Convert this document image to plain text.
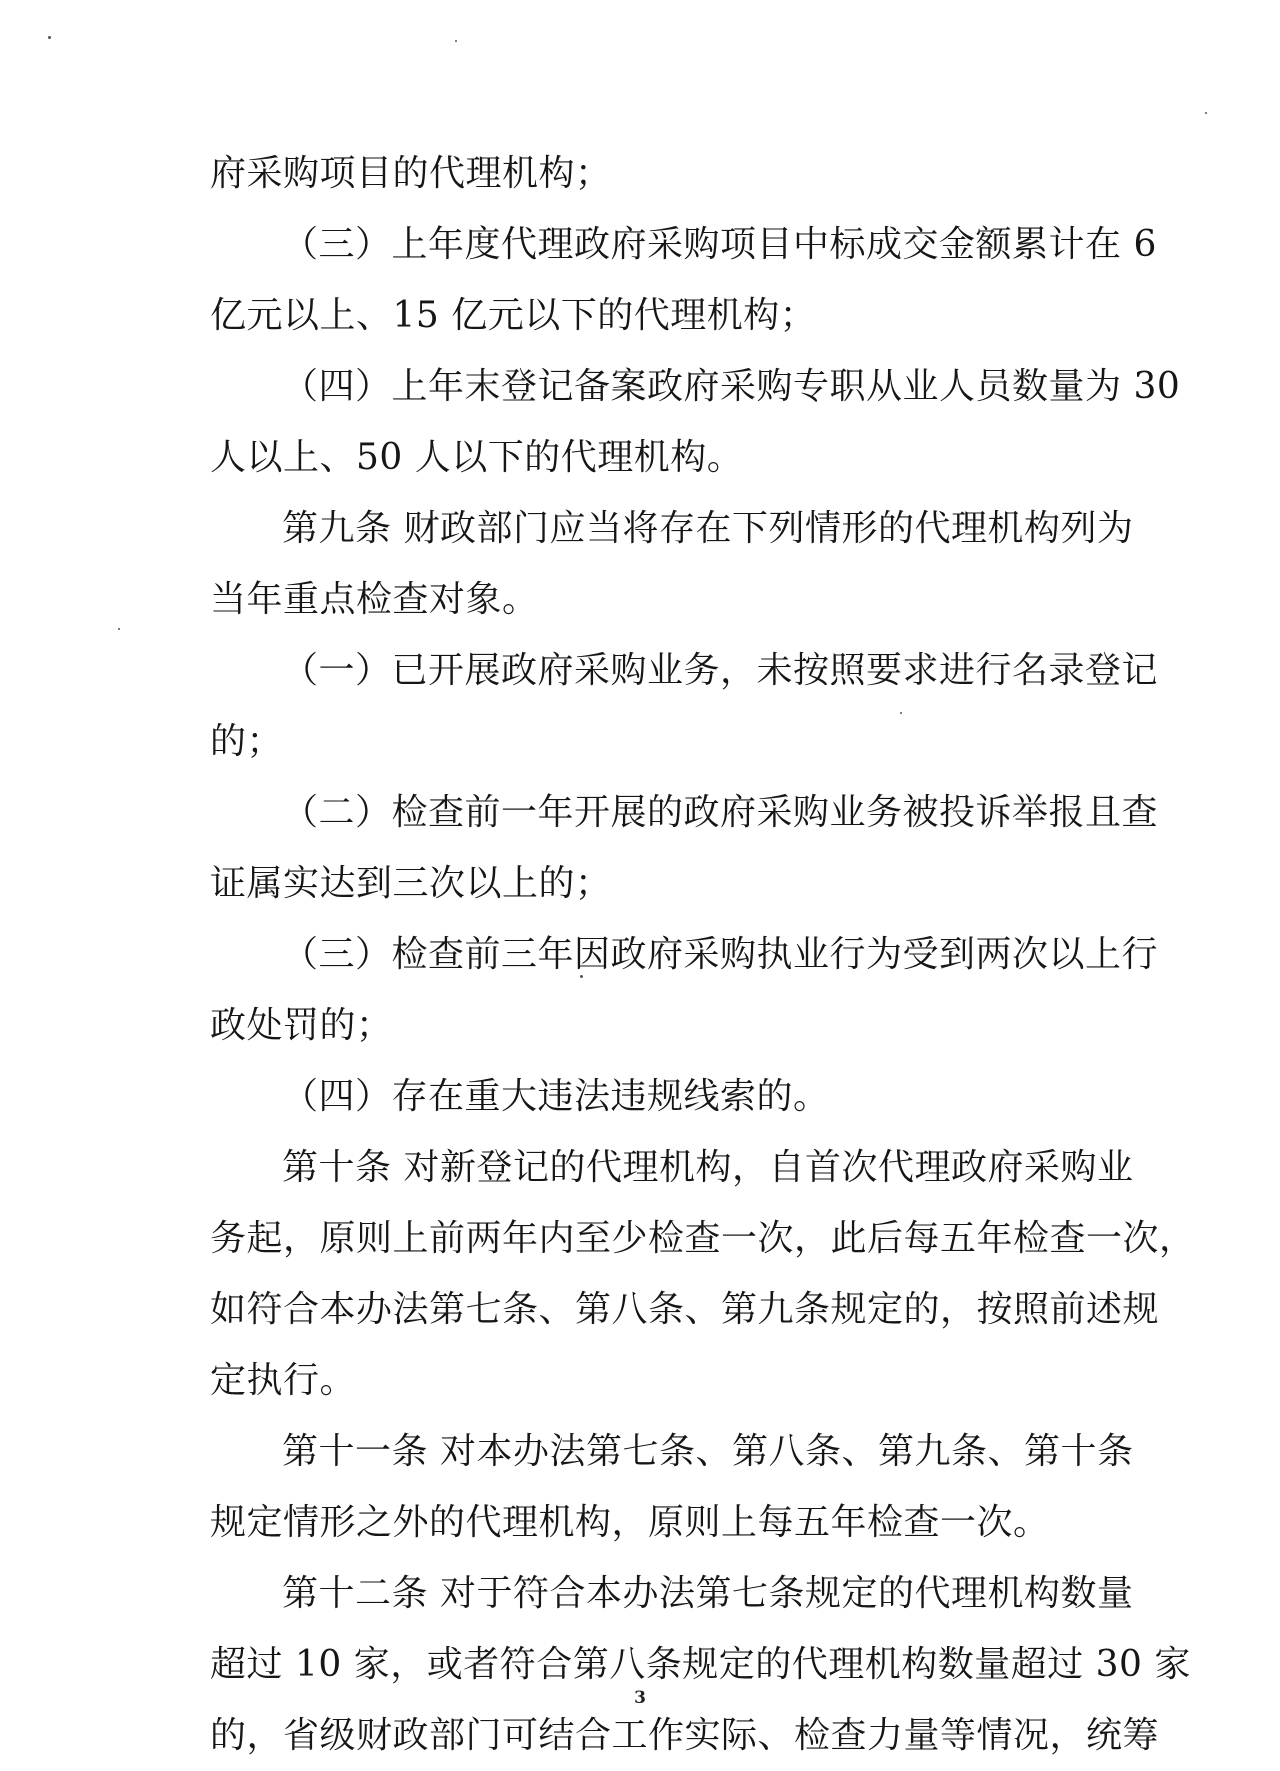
府采购项目的代理机构；
（三）上年度代理政府采购项目中标成交金额累计在 6
亿元以上、15 亿元以下的代理机构；
（四）上年末登记备案政府采购专职从业人员数量为 30
人以上、50 人以下的代理机构。
第九条 财政部门应当将存在下列情形的代理机构列为
当年重点检查对象。
（一）已开展政府采购业务，未按照要求进行名录登记
的；
（二）检查前一年开展的政府采购业务被投诉举报且查
证属实达到三次以上的；
（三）检查前三年因政府采购执业行为受到两次以上行
政处罚的；
（四）存在重大违法违规线索的。
第十条 对新登记的代理机构，自首次代理政府采购业
务起，原则上前两年内至少检查一次，此后每五年检查一次，
如符合本办法第七条、第八条、第九条规定的，按照前述规
定执行。
第十一条 对本办法第七条、第八条、第九条、第十条
规定情形之外的代理机构，原则上每五年检查一次。
第十二条 对于符合本办法第七条规定的代理机构数量
超过 10 家，或者符合第八条规定的代理机构数量超过 30 家
的，省级财政部门可结合工作实际、检查力量等情况，统筹
3
